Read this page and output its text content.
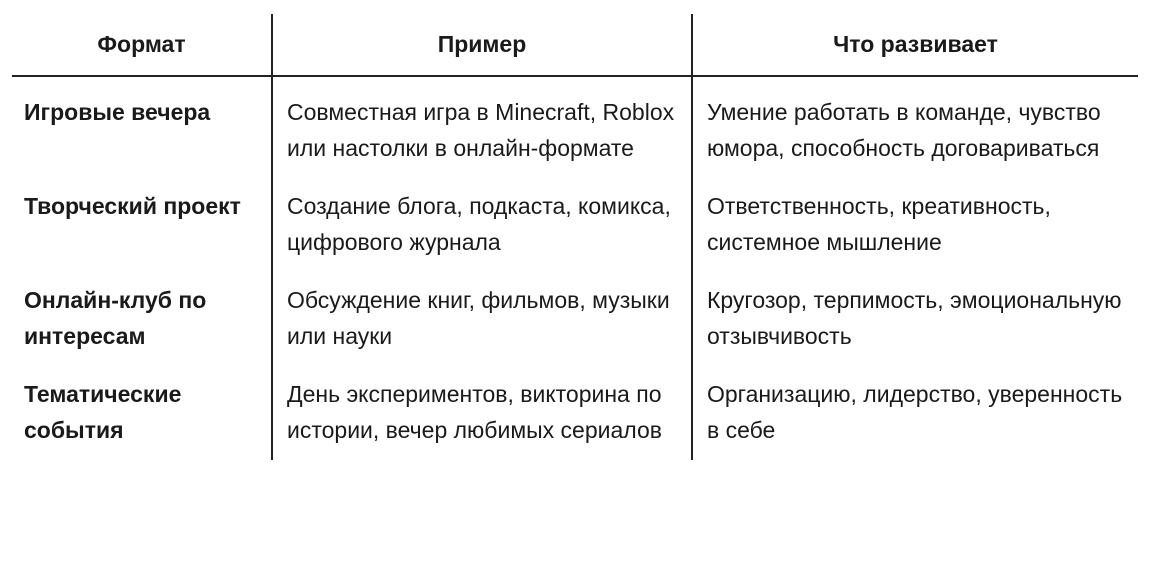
Формат	Пример	Что развивает
Игровые вечера	Совместная игра в Minecraft, Roblox или настолки в онлайн-формате	Умение работать в команде, чувство юмора, способность договариваться
Творческий проект	Создание блога, подкаста, комикса, цифрового журнала	Ответственность, креативность, системное мышление
Онлайн-клуб по интересам	Обсуждение книг, фильмов, музыки или науки	Кругозор, терпимость, эмоциональную отзывчивость
Тематические события	День экспериментов, викторина по истории, вечер любимых сериалов	Организацию, лидерство, уверенность в себе
